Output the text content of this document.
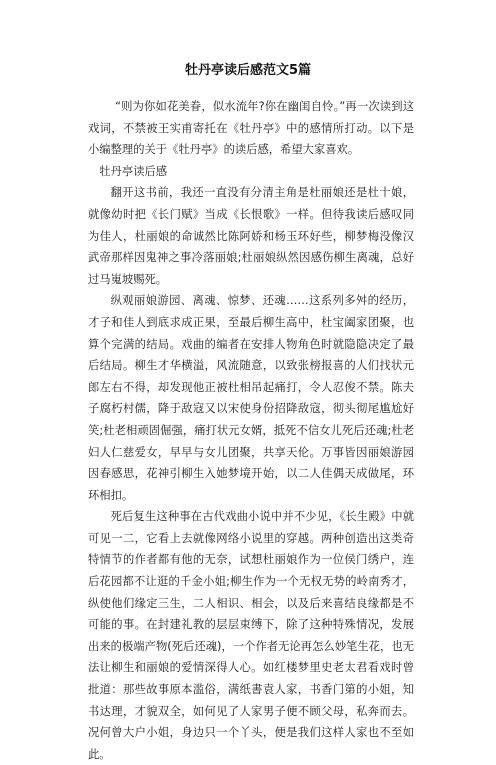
牡丹亭读后感范文5篇

“则为你如花美眷，似水流年?你在幽闺自怜。”再一次读到这戏词，不禁被王实甫寄托在《牡丹亭》中的感情所打动。以下是小编整理的关于《牡丹亭》的读后感，希望大家喜欢。

牡丹亭读后感

翻开这书前，我还一直没有分清主角是杜丽娘还是杜十娘，就像幼时把《长门赋》当成《长恨歌》一样。但待我读后感叹同为佳人，杜丽娘的命诚然比陈阿娇和杨玉环好些，柳梦梅没像汉武帝那样因鬼神之事冷落丽娘;杜丽娘纵然因感伤柳生离魂，总好过马嵬坡赐死。

纵观丽娘游园、离魂、惊梦、还魂……这系列多舛的经历，才子和佳人到底求成正果，至最后柳生高中，杜宝阖家团聚，也算个完满的结局。戏曲的编者在安排人物角色时就隐隐决定了最后结局。柳生才华横溢，风流随意，以致张榜报喜的人们找状元郎左右不得，却发现他正被杜相吊起痛打，令人忍俊不禁。陈夫子腐朽村儒，降于敌寇又以宋使身份招降敌寇，彻头彻尾尴尬好笑;杜老相顽固倔强，痛打状元女婿，抵死不信女儿死后还魂;杜老妇人仁慈爱女，早早与女儿团聚，共享天伦。万事皆因丽娘游园因春感思，花神引柳生入她梦境开始，以二人佳偶天成做尾，环环相扣。

死后复生这种事在古代戏曲小说中并不少见，《长生殿》中就可见一二，它看上去就像网络小说里的穿越。两种创造出这类奇特情节的作者都有他的无奈，试想杜丽娘作为一位侯门绣户，连后花园都不让逛的千金小姐;柳生作为一个无权无势的岭南秀才，纵使他们缘定三生，二人相识、相会，以及后来喜结良缘都是不可能的事。在封建礼教的层层束缚下，除了这种特殊情况，发展出来的极端产物(死后还魂)，一个作者无论再怎么妙笔生花，也无法让柳生和丽娘的爱情深得人心。如红楼梦里史老太君看戏时曾批道：那些故事原本滥俗，满纸書袁人家，书香门第的小姐，知书达理，才貌双全，如何见了人家男子便不顾父母，私奔而去。况何曾大户小姐，身边只一个丫头，便是我们这样人家也不至如此。
